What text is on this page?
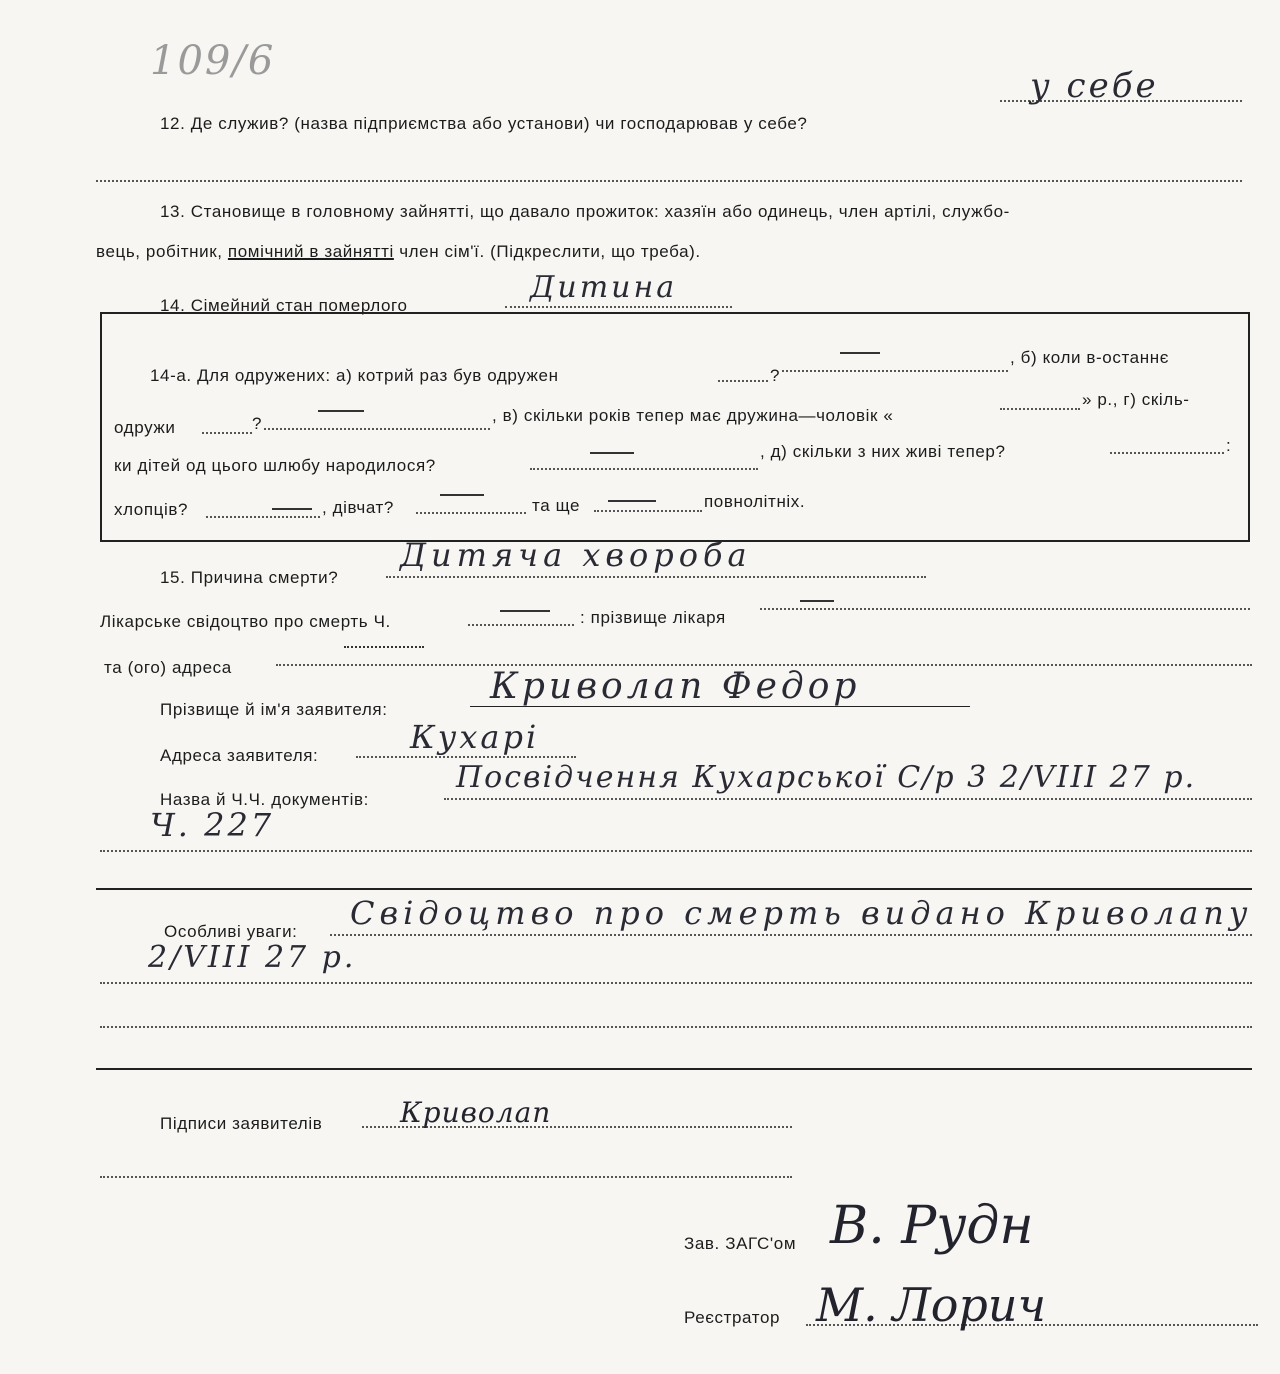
109/6
12. Де служив? (назва підприємства або установи) чи господарював у себе?
у себе
13. Становище в головному зайнятті, що давало прожиток: хазяїн або одинець, член артілі, службо-
вець, робітник, помічний в зайнятті член сім'ї. (Підкреслити, що треба).
14. Сімейний стан померлого
Дитина
14-а. Для одружених: а) котрий раз був одружен	?
, б) коли в-останнє
одружи	?	, в) скільки років тепер має дружина—чоловік «
» р., г) скіль-
ки дітей од цього шлюбу народилося?
, д) скільки з них живі тепер?	:
хлопців?	, дівчат?	та ще	повнолітніх.
15. Причина смерти?
Дитяча хвороба
Лікарське свідоцтво про смерть Ч.	: прізвище лікаря
та (ого) адреса
Прізвище й ім'я заявителя:
Криволап Федор
Адреса заявителя:	Кухарі
Назва й Ч.Ч. документів:
Посвідчення Кухарської С/р 3 2/VIII 27 р.
Ч. 227
Особливі уваги: Свідоцтво про смерть видано Криволапу
2/VIII 27 р.
Підписи заявителів	Криволап
Зав. ЗАГС'ом В. Рудн
Реєстратор М. Лорич
